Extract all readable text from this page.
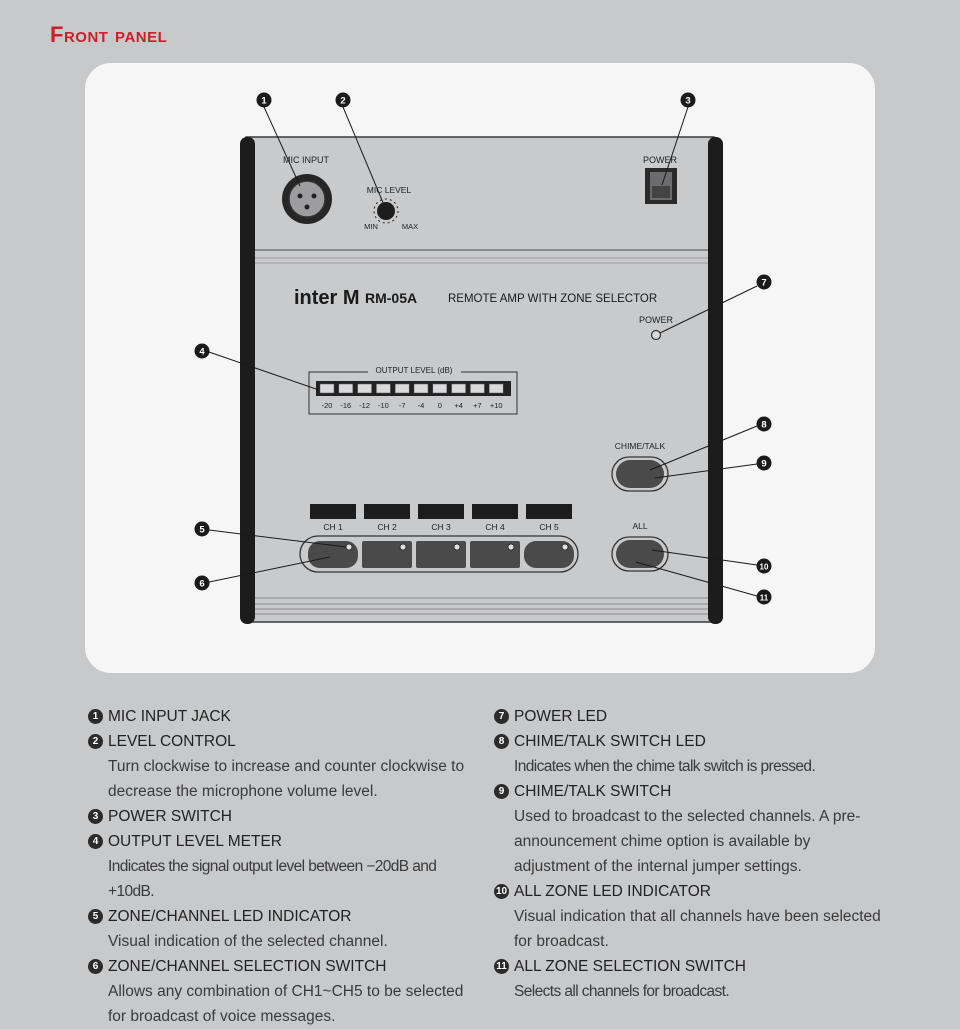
Front panel
MIC INPUT
MIC LEVEL
MIN	MAX
POWER
inter M RM-05A	REMOTE AMP WITH ZONE SELECTOR
POWER
OUTPUT LEVEL (dB)
-20 -16 -12 -10 -7 -4 0 +4 +7 +10
CH 1	CH 2	CH 3	CH 4	CH 5
CHIME/TALK
ALL
1	2	3
4
5
6
7
8
9
10
11
1 MIC INPUT JACK
2 LEVEL CONTROL
Turn clockwise to increase and counter clockwise to decrease the microphone volume level.
3 POWER SWITCH
4 OUTPUT LEVEL METER
Indicates the signal output level between −20dB and +10dB.
5 ZONE/CHANNEL LED INDICATOR
Visual indication of the selected channel.
6 ZONE/CHANNEL SELECTION SWITCH
Allows any combination of CH1~CH5 to be selected for broadcast of voice messages.
7 POWER LED
8 CHIME/TALK SWITCH LED
Indicates when the chime talk switch is pressed.
9 CHIME/TALK SWITCH
Used to broadcast to the selected channels. A pre-announcement chime option is available by adjustment of the internal jumper settings.
10 ALL ZONE LED INDICATOR
Visual indication that all channels have been selected for broadcast.
11 ALL ZONE SELECTION SWITCH
Selects all channels for broadcast.
